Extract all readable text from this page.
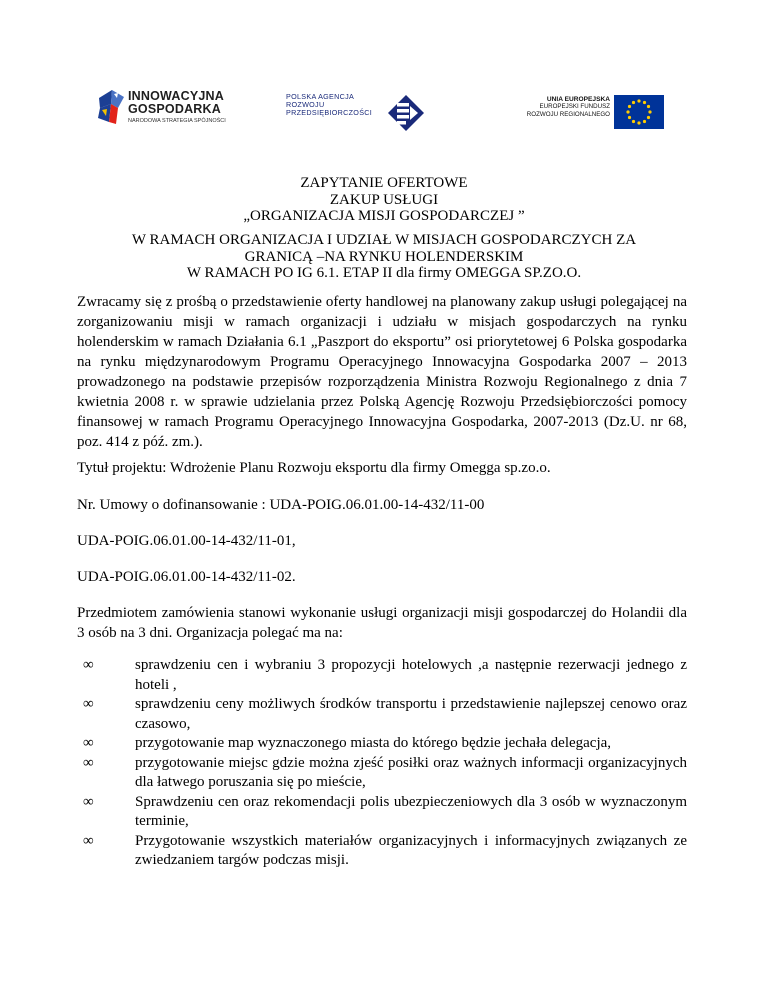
INNOWACYJNA
GOSPODARKA
NARODOWA STRATEGIA SPÓJNOŚCI
POLSKA AGENCJA
ROZWOJU
PRZEDSIĘBIORCZOŚCI
UNIA EUROPEJSKA
EUROPEJSKI FUNDUSZ
ROZWOJU REGIONALNEGO
ZAPYTANIE OFERTOWE
ZAKUP USŁUGI
„ORGANIZACJA MISJI GOSPODARCZEJ ”
W RAMACH ORGANIZACJA I UDZIAŁ W MISJACH GOSPODARCZYCH ZA
GRANICĄ –NA RYNKU HOLENDERSKIM
W RAMACH PO IG 6.1. ETAP II dla firmy OMEGGA SP.ZO.O.

Zwracamy się z prośbą o przedstawienie oferty handlowej na planowany zakup usługi polegającej na zorganizowaniu misji w ramach organizacji i udziału w misjach gospodarczych na rynku holenderskim w ramach Działania 6.1 „Paszport do eksportu” osi priorytetowej 6 Polska gospodarka na rynku międzynarodowym Programu Operacyjnego Innowacyjna Gospodarka 2007 – 2013 prowadzonego na podstawie przepisów rozporządzenia Ministra Rozwoju Regionalnego z dnia 7 kwietnia 2008 r. w sprawie udzielania przez Polską Agencję Rozwoju Przedsiębiorczości pomocy finansowej w ramach Programu Operacyjnego Innowacyjna Gospodarka, 2007-2013 (Dz.U. nr 68, poz. 414 z póź. zm.).

Tytuł projektu: Wdrożenie Planu Rozwoju eksportu dla firmy Omegga sp.zo.o.

Nr. Umowy o dofinansowanie : UDA-POIG.06.01.00-14-432/11-00

UDA-POIG.06.01.00-14-432/11-01,

UDA-POIG.06.01.00-14-432/11-02.

Przedmiotem zamówienia stanowi wykonanie usługi organizacji misji gospodarczej do Holandii dla 3 osób na 3 dni. Organizacja polegać ma na:

∞	sprawdzeniu cen i wybraniu 3 propozycji hotelowych ,a następnie rezerwacji jednego z hoteli ,
∞	sprawdzeniu ceny możliwych środków transportu i przedstawienie najlepszej cenowo oraz czasowo,
∞	przygotowanie map wyznaczonego miasta do którego będzie jechała delegacja,
∞	przygotowanie miejsc gdzie można zjeść posiłki oraz ważnych informacji organizacyjnych dla łatwego poruszania się po mieście,
∞	Sprawdzeniu cen oraz rekomendacji polis ubezpieczeniowych dla 3 osób w wyznaczonym terminie,
∞	Przygotowanie wszystkich materiałów organizacyjnych i informacyjnych związanych ze zwiedzaniem targów podczas misji.
